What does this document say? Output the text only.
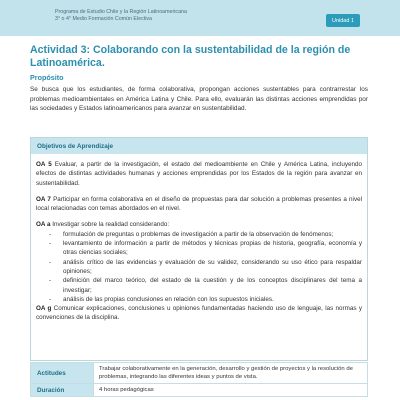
Programa de Estudio Chile y la Región Latinoamericana
3° o 4° Medio Formación Común Electiva	Unidad 1
Actividad 3: Colaborando con la sustentabilidad de la región de Latinoamérica.
Propósito
Se busca que los estudiantes, de forma colaborativa, propongan acciones sustentables para contrarrestar los problemas medioambientales en América Latina y Chile. Para ello, evaluarán las distintas acciones emprendidas por las sociedades y Estados latinoamericanos para avanzar en sustentabilidad.
Objetivos de Aprendizaje

OA 5 Evaluar, a partir de la investigación, el estado del medioambiente en Chile y América Latina, incluyendo efectos de distintas actividades humanas y acciones emprendidas por los Estados de la región para avanzar en sustentabilidad.

OA 7 Participar en forma colaborativa en el diseño de propuestas para dar solución a problemas presentes a nivel local relacionadas con temas abordados en el nivel.

OA a Investigar sobre la realidad considerando:

- formulación de preguntas o problemas de investigación a partir de la observación de fenómenos;
- levantamiento de información a partir de métodos y técnicas propias de historia, geografía, economía y otras ciencias sociales;
- análisis crítico de las evidencias y evaluación de su validez, considerando su uso ético para respaldar opiniones;
- definición del marco teórico, del estado de la cuestión y de los conceptos disciplinares del tema a investigar;
- análisis de las propias conclusiones en relación con los supuestos iniciales.

OA g Comunicar explicaciones, conclusiones u opiniones fundamentadas haciendo uso de lenguaje, las normas y convenciones de la disciplina.

Actitudes	Trabajar colaborativamente en la generación, desarrollo y gestión de proyectos y la resolución de problemas, integrando las diferentes ideas y puntos de vista.
Duración	4 horas pedagógicas
